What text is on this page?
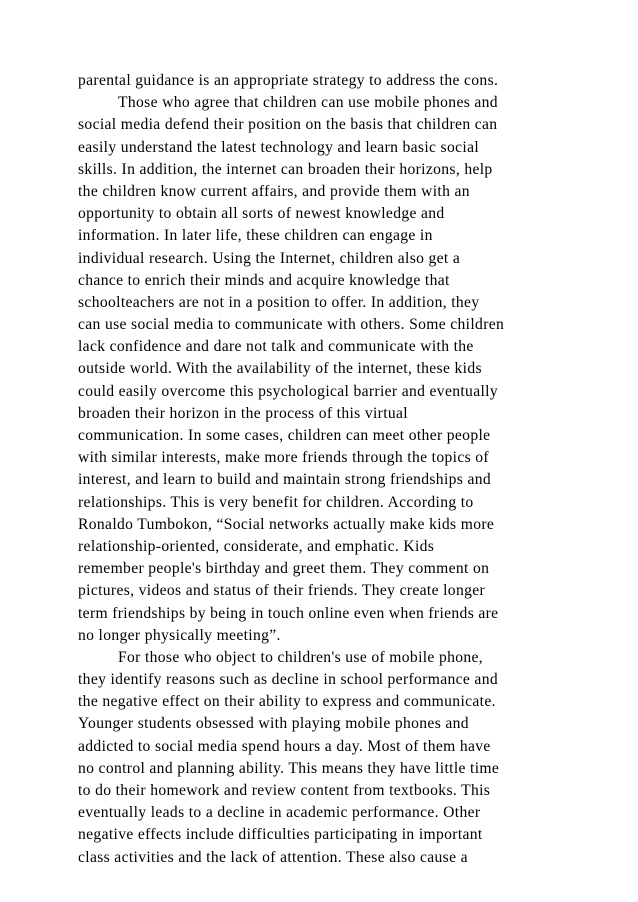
parental guidance is an appropriate strategy to address the cons.
Those who agree that children can use mobile phones and
social media defend their position on the basis that children can
easily understand the latest technology and learn basic social
skills. In addition, the internet can broaden their horizons, help
the children know current affairs, and provide them with an
opportunity to obtain all sorts of newest knowledge and
information. In later life, these children can engage in
individual research. Using the Internet, children also get a
chance to enrich their minds and acquire knowledge that
schoolteachers are not in a position to offer. In addition, they
can use social media to communicate with others. Some children
lack confidence and dare not talk and communicate with the
outside world. With the availability of the internet, these kids
could easily overcome this psychological barrier and eventually
broaden their horizon in the process of this virtual
communication. In some cases, children can meet other people
with similar interests, make more friends through the topics of
interest, and learn to build and maintain strong friendships and
relationships. This is very benefit for children. According to
Ronaldo Tumbokon, “Social networks actually make kids more
relationship-oriented, considerate, and emphatic. Kids
remember people's birthday and greet them. They comment on
pictures, videos and status of their friends. They create longer
term friendships by being in touch online even when friends are
no longer physically meeting”.
For those who object to children's use of mobile phone,
they identify reasons such as decline in school performance and
the negative effect on their ability to express and communicate.
Younger students obsessed with playing mobile phones and
addicted to social media spend hours a day. Most of them have
no control and planning ability. This means they have little time
to do their homework and review content from textbooks. This
eventually leads to a decline in academic performance. Other
negative effects include difficulties participating in important
class activities and the lack of attention. These also cause a
